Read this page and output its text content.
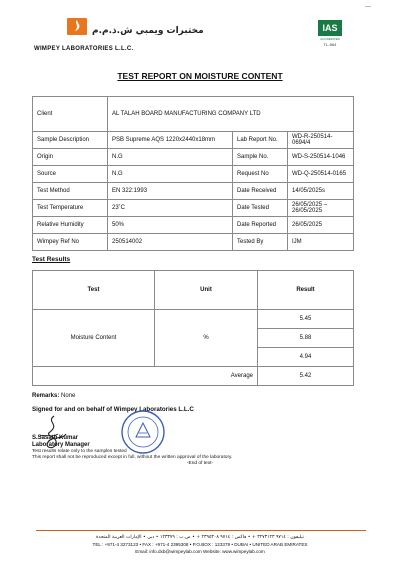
مختبرات ويمبي ش.ذ.م.م
WIMPEY LABORATORIES L.L.C.
—
IAS
ACCREDITED
TL-564
TEST REPORT ON MOISTURE CONTENT
Client	AL TALAH BOARD MANUFACTURING COMPANY LTD		
Sample Description	PSB Supreme AQS 1220x2440x18mm	Lab Report No.	WD-R-250514-0694/4
Origin	N.G	Sample No.	WD-S-250514-1046
Source	N.G	Request No	WD-Q-250514-0165
Test Method	EN 322:1993	Date Received	14/05/2025s
Test Temperature	23˚C	Date Tested	26/05/2025 – 26/05/2025
Relative Humidity	50%	Date Reported	26/05/2025
Wimpey Ref No	250514002	Tested By	IJM
Test Results
Test	Unit	Result
Moisture Content	%	5.45
		5.88
		4.94
Average		5.42
Remarks: None
Signed for and on behalf of Wimpey Laboratories L.L.C
S.Sasath Kumar
Laboratory Manager
Test results relate only to the samples tested
This report shall not be reproduced except in full, without the written approval of the laboratory.
-End of text-
تيليفون : ٩٧١٤ ٣٢٧٣١٢٣ + • فاكس : ٩٧١٤ ٢٣٩٥٣٠٨ + • ص.ب : ١٢٣٣٧٩ • دبي • الإمارات العربية المتحدة
TEL : +971-4 3273123 • FAX : +971-4 2395308 • P.O.BOX : 123379 • DUBAI • UNITED ARAB EMIRATES
Email: info.dxb@wimpeylab.com Website: www.wimpeylab.com
